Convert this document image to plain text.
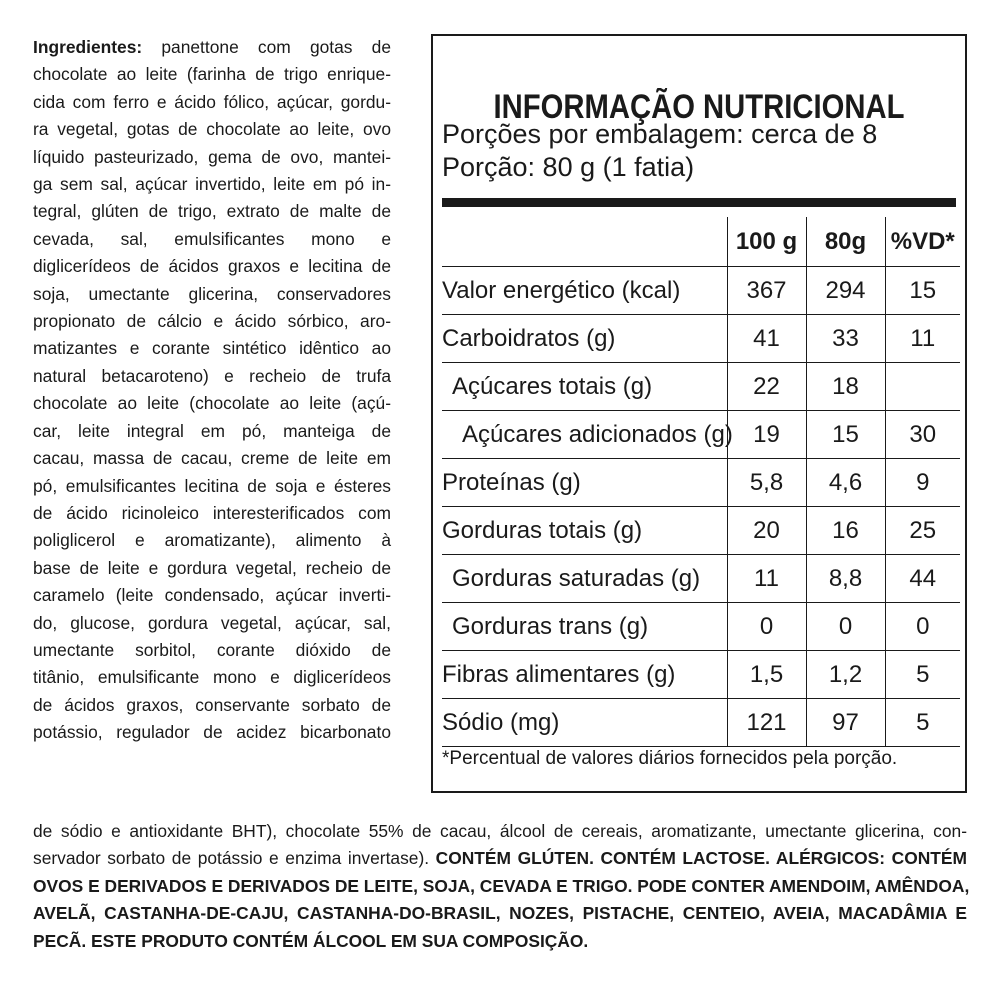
Ingredientes: panettone com gotas de
chocolate ao leite (farinha de trigo enrique-
cida com ferro e ácido fólico, açúcar, gordu-
ra vegetal, gotas de chocolate ao leite, ovo
líquido pasteurizado, gema de ovo, mantei-
ga sem sal, açúcar invertido, leite em pó in-
tegral, glúten de trigo, extrato de malte de
cevada, sal, emulsificantes mono e
diglicerídeos de ácidos graxos e lecitina de
soja, umectante glicerina, conservadores
propionato de cálcio e ácido sórbico, aro-
matizantes e corante sintético idêntico ao
natural betacaroteno) e recheio de trufa
chocolate ao leite (chocolate ao leite (açú-
car, leite integral em pó, manteiga de
cacau, massa de cacau, creme de leite em
pó, emulsificantes lecitina de soja e ésteres
de ácido ricinoleico interesterificados com
poliglicerol e aromatizante), alimento à
base de leite e gordura vegetal, recheio de
caramelo (leite condensado, açúcar inverti-
do, glucose, gordura vegetal, açúcar, sal,
umectante sorbitol, corante dióxido de
titânio, emulsificante mono e diglicerídeos
de ácidos graxos, conservante sorbato de
potássio, regulador de acidez bicarbonato
de sódio e antioxidante BHT), chocolate 55% de cacau, álcool de cereais, aromatizante, umectante glicerina, con-
servador sorbato de potássio e enzima invertase). CONTÉM GLÚTEN. CONTÉM LACTOSE. ALÉRGICOS: CONTÉM
OVOS E DERIVADOS E DERIVADOS DE LEITE, SOJA, CEVADA E TRIGO. PODE CONTER AMENDOIM, AMÊNDOA,
AVELÃ, CASTANHA-DE-CAJU, CASTANHA-DO-BRASIL, NOZES, PISTACHE, CENTEIO, AVEIA, MACADÂMIA E
PECÃ. ESTE PRODUTO CONTÉM ÁLCOOL EM SUA COMPOSIÇÃO.
INFORMAÇÃO NUTRICIONAL
Porções por embalagem: cerca de 8
Porção: 80 g (1 fatia)
	100 g	80g	%VD*
Valor energético (kcal)	367	294	15
Carboidratos (g)	41	33	11
Açúcares totais (g)	22	18	
Açúcares adicionados (g)	19	15	30
Proteínas (g)	5,8	4,6	9
Gorduras totais (g)	20	16	25
Gorduras saturadas (g)	11	8,8	44
Gorduras trans (g)	0	0	0
Fibras alimentares (g)	1,5	1,2	5
Sódio (mg)	121	97	5
*Percentual de valores diários fornecidos pela porção.
